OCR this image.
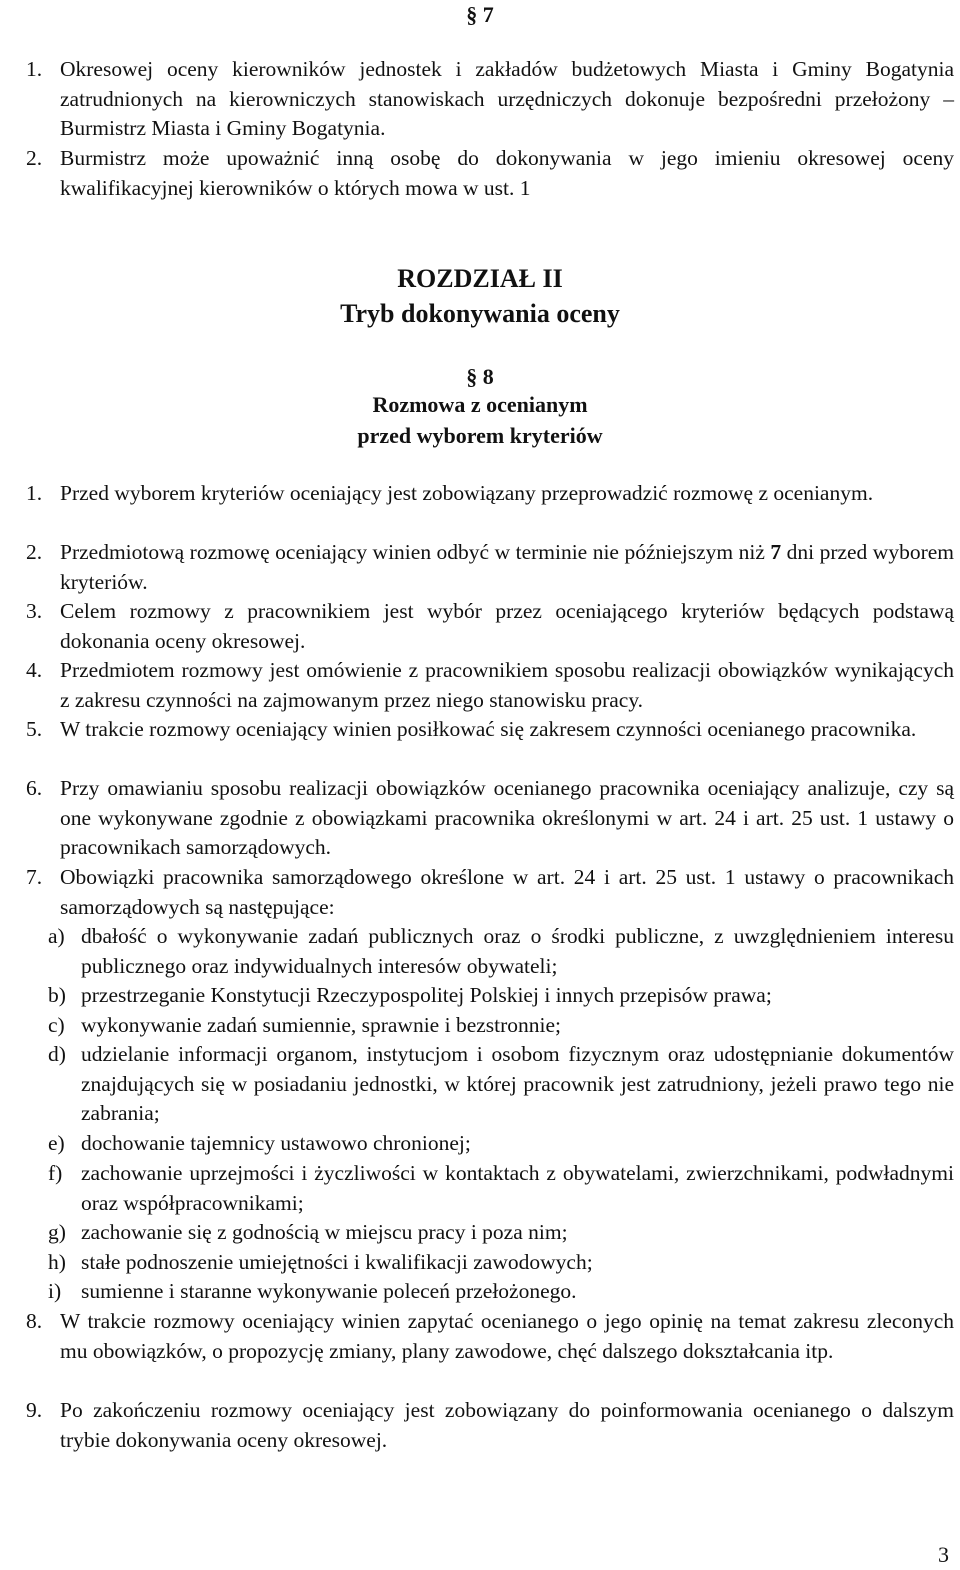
§ 7
1. Okresowej oceny kierowników jednostek i zakładów budżetowych Miasta i Gminy Bogatynia zatrudnionych na kierowniczych stanowiskach urzędniczych dokonuje bezpośredni przełożony – Burmistrz Miasta i Gminy Bogatynia.
2. Burmistrz może upoważnić inną osobę do dokonywania w jego imieniu okresowej oceny kwalifikacyjnej kierowników o których mowa w ust. 1
ROZDZIAŁ II
Tryb dokonywania oceny
§ 8
Rozmowa z ocenianym
przed wyborem kryteriów
1. Przed wyborem kryteriów oceniający jest zobowiązany przeprowadzić rozmowę z ocenianym.
2. Przedmiotową rozmowę oceniający winien odbyć w terminie nie późniejszym niż 7 dni przed wyborem kryteriów.
3. Celem rozmowy z pracownikiem jest wybór przez oceniającego kryteriów będących podstawą dokonania oceny okresowej.
4. Przedmiotem rozmowy jest omówienie z pracownikiem sposobu realizacji obowiązków wynikających z zakresu czynności na zajmowanym przez niego stanowisku pracy.
5. W trakcie rozmowy oceniający winien posiłkować się zakresem czynności ocenianego pracownika.
6. Przy omawianiu sposobu realizacji obowiązków ocenianego pracownika oceniający analizuje, czy są one wykonywane zgodnie z obowiązkami pracownika określonymi w art. 24 i art. 25 ust. 1 ustawy o pracownikach samorządowych.
7. Obowiązki pracownika samorządowego określone w art. 24 i art. 25 ust. 1 ustawy o pracownikach samorządowych są następujące:
a) dbałość o wykonywanie zadań publicznych oraz o środki publiczne, z uwzględnieniem interesu publicznego oraz indywidualnych interesów obywateli;
b) przestrzeganie Konstytucji Rzeczypospolitej Polskiej i innych przepisów prawa;
c) wykonywanie zadań sumiennie, sprawnie i bezstronnie;
d) udzielanie informacji organom, instytucjom i osobom fizycznym oraz udostępnianie dokumentów znajdujących się w posiadaniu jednostki, w której pracownik jest zatrudniony, jeżeli prawo tego nie zabrania;
e) dochowanie tajemnicy ustawowo chronionej;
f) zachowanie uprzejmości i życzliwości w kontaktach z obywatelami, zwierzchnikami, podwładnymi oraz współpracownikami;
g) zachowanie się z godnością w miejscu pracy i poza nim;
h) stałe podnoszenie umiejętności i kwalifikacji zawodowych;
i) sumienne i staranne wykonywanie poleceń przełożonego.
8. W trakcie rozmowy oceniający winien zapytać ocenianego o jego opinię na temat zakresu zleconych mu obowiązków, o propozycję zmiany, plany zawodowe, chęć dalszego dokształcania itp.
9. Po zakończeniu rozmowy oceniający jest zobowiązany do poinformowania ocenianego o dalszym trybie dokonywania oceny okresowej.
3
